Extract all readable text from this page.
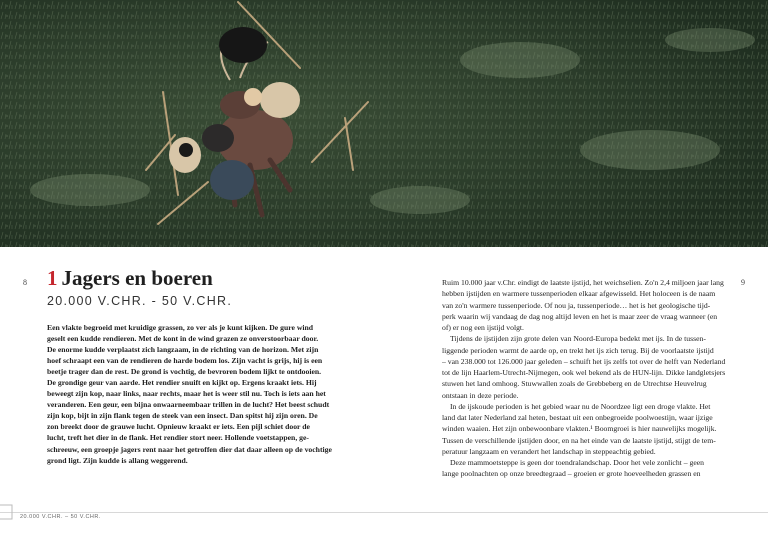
8	9
1 Jagers en boeren
20.000 V.CHR. - 50 V.CHR.
Een vlakte begroeid met kruidige grassen, zo ver als je kunt kijken. De gure wind
geselt een kudde rendieren. Met de kont in de wind grazen ze onverstoorbaar door.
De enorme kudde verplaatst zich langzaam, in de richting van de horizon. Met zijn
hoef schraapt een van de rendieren de harde bodem los. Zijn vacht is grijs, hij is een
beetje trager dan de rest. De grond is vochtig, de bevroren bodem lijkt te ontdooien.
De grondige geur van aarde. Het rendier snuift en kijkt op. Ergens kraakt iets. Hij
beweegt zijn kop, naar links, naar rechts, maar het is weer stil nu. Toch is iets aan het
veranderen. Een geur, een bijna onwaarneembaar trillen in de lucht? Het beest schudt
zijn kop, bijt in zijn flank tegen de steek van een insect. Dan spitst hij zijn oren. De
zon breekt door de grauwe lucht. Opnieuw kraakt er iets. Een pijl schiet door de
lucht, treft het dier in de flank. Het rendier stort neer. Hollende voetstappen, ge-
schreeuw, een groepje jagers rent naar het getroffen dier dat daar alleen op de vochtige
grond ligt. Zijn kudde is allang weggerend.
Ruim 10.000 jaar v.Chr. eindigt de laatste ijstijd, het weichselien. Zo'n 2,4 miljoen jaar lang
hebben ijstijden en warmere tussenperioden elkaar afgewisseld. Het holoceen is de naam
van zo'n warmere tussenperiode. Of nou ja, tussenperiode… het is het geologische tijd-
perk waarin wij vandaag de dag nog altijd leven en het is maar zeer de vraag wanneer (en
of) er nog een ijstijd volgt.
Tijdens de ijstijden zijn grote delen van Noord-Europa bedekt met ijs. In de tussen-
liggende perioden warmt de aarde op, en trekt het ijs zich terug. Bij de voorlaatste ijstijd
– van 238.000 tot 126.000 jaar geleden – schuift het ijs zelfs tot over de helft van Nederland
tot de lijn Haarlem-Utrecht-Nijmegen, ook wel bekend als de HUN-lijn. Dikke landgletsjers
stuwen het land omhoog. Stuwwallen zoals de Grebbeberg en de Utrechtse Heuvelrug
ontstaan in deze periode.
In de ijskoude perioden is het gebied waar nu de Noordzee ligt een droge vlakte. Het
land dat later Nederland zal heten, bestaat uit een onbegroeide poolwoestijn, waar ijzige
winden waaien. Het zijn onbewoonbare vlakten.¹ Boomgroei is hier nauwelijks mogelijk.
Tussen de verschillende ijstijden door, en na het einde van de laatste ijstijd, stijgt de tem-
peratuur langzaam en verandert het landschap in steppeachtig gebied.
Deze mammoetsteppe is geen dor toendralandschap. Door het vele zonlicht – geen
lange poolnachten op onze breedtegraad – groeien er grote hoeveelheden grassen en
20.000 V.CHR. – 50 V.CHR.
